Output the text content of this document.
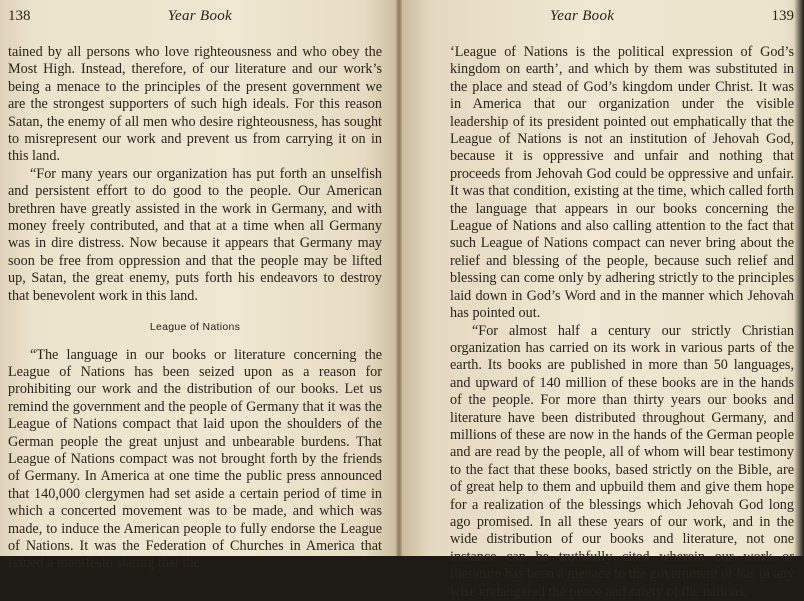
138	Year Book

tained by all persons who love righteousness and who obey the Most High. Instead, therefore, of our literature and our work’s being a menace to the principles of the present government we are the strongest supporters of such high ideals. For this reason Satan, the enemy of all men who desire righteousness, has sought to misrepresent our work and prevent us from carrying it on in this land.

“For many years our organization has put forth an unselfish and persistent effort to do good to the people. Our American brethren have greatly assisted in the work in Germany, and with money freely contributed, and that at a time when all Germany was in dire distress. Now because it appears that Germany may soon be free from oppression and that the people may be lifted up, Satan, the great enemy, puts forth his endeavors to destroy that benevolent work in this land.

League of Nations

“The language in our books or literature concerning the League of Nations has been seized upon as a reason for prohibiting our work and the distribution of our books. Let us remind the government and the people of Germany that it was the League of Nations compact that laid upon the shoulders of the German people the great unjust and unbearable burdens. That League of Nations compact was not brought forth by the friends of Germany. In America at one time the public press announced that 140,000 clergymen had set aside a certain period of time in which a concerted movement was to be made, and which was made, to induce the American people to fully endorse the League of Nations. It was the Federation of Churches in America that issued a manifesto stating that the

Year Book	139

‘League of Nations is the political expression of God’s kingdom on earth’, and which by them was substituted in the place and stead of God’s kingdom under Christ. It was in America that our organization under the visible leadership of its president pointed out emphatically that the League of Nations is not an institution of Jehovah God, because it is oppressive and unfair and nothing that proceeds from Jehovah God could be oppressive and unfair. It was that condition, existing at the time, which called forth the language that appears in our books concerning the League of Nations and also calling attention to the fact that such League of Nations compact can never bring about the relief and blessing of the people, because such relief and blessing can come only by adhering strictly to the principles laid down in God’s Word and in the manner which Jehovah has pointed out.

“For almost half a century our strictly Christian organization has carried on its work in various parts of the earth. Its books are published in more than 50 languages, and upward of 140 million of these books are in the hands of the people. For more than thirty years our books and literature have been distributed throughout Germany, and millions of these are now in the hands of the German people and are read by the people, all of whom will bear testimony to the fact that these books, based strictly on the Bible, are of great help to them and upbuild them and give them hope for a realization of the blessings which Jehovah God long ago promised. In all these years of our work, and in the wide distribution of our books and literature, not one instance can be truthfully cited wherein our work or literature has been a menace to the government or has in any wise endangered the peace and safety of the nations.
